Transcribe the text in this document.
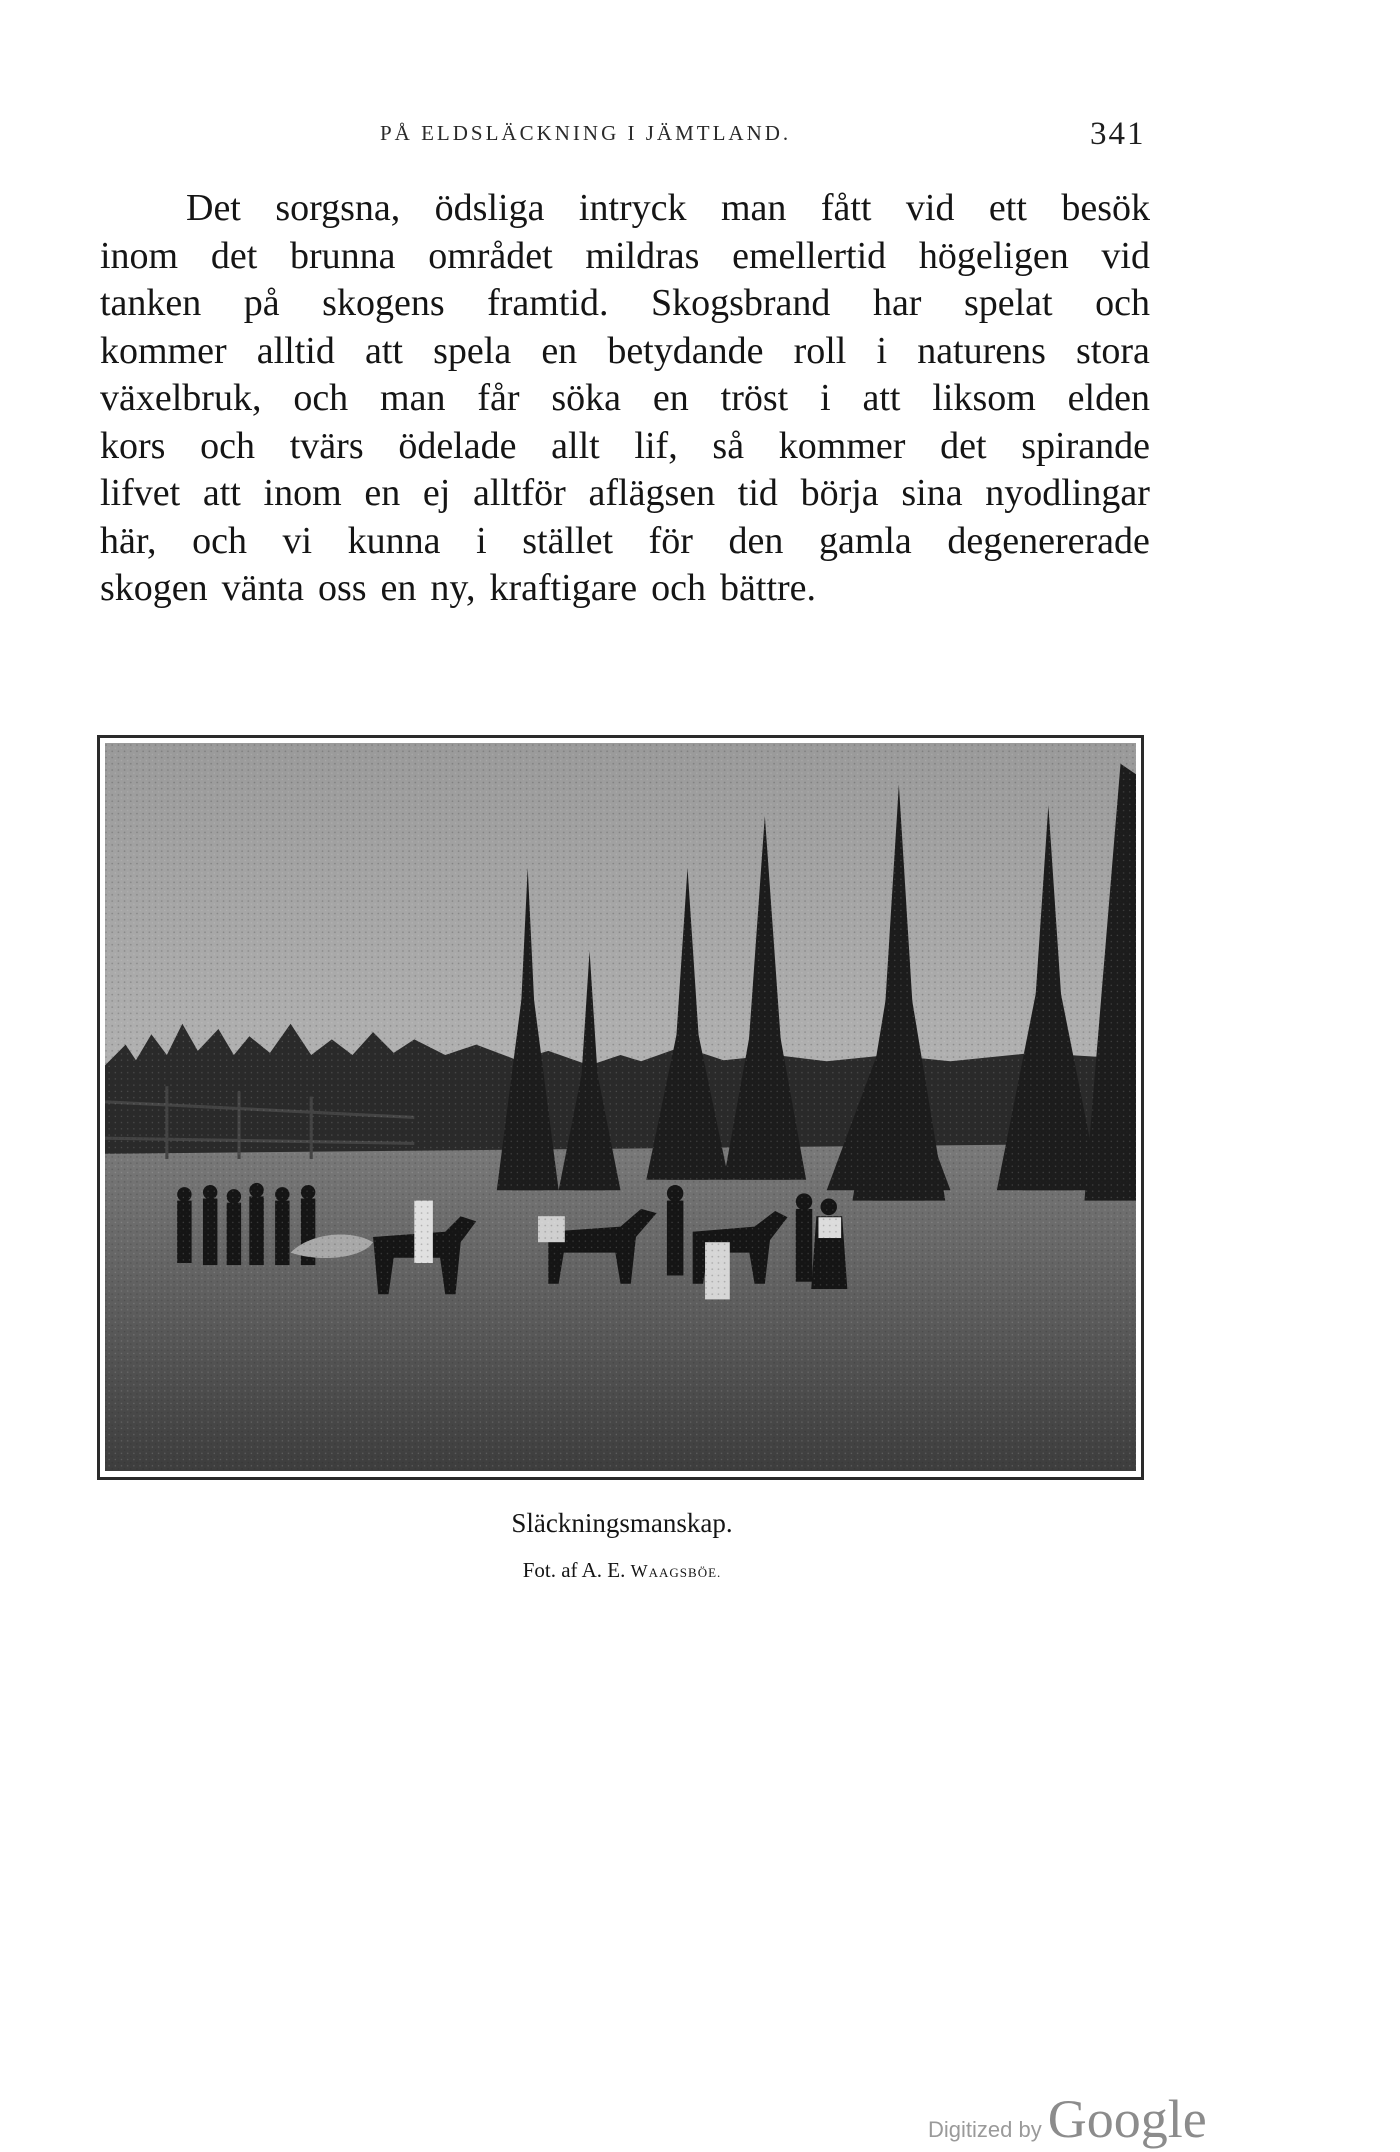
PÅ ELDSLÄCKNING I JÄMTLAND.	341
Det sorgsna, ödsliga intryck man fått vid ett besök
inom det brunna området mildras emellertid högeligen vid
tanken på skogens framtid. Skogsbrand har spelat och
kommer alltid att spela en betydande roll i naturens stora
växelbruk, och man får söka en tröst i att liksom elden
kors och tvärs ödelade allt lif, så kommer det spirande
lifvet att inom en ej alltför aflägsen tid börja sina nyodlingar
här, och vi kunna i stället för den gamla degenererade
skogen vänta oss en ny, kraftigare och bättre.
Släckningsmanskap.
Fot. af A. E. WAAGSBÖE.
Digitized by Google
